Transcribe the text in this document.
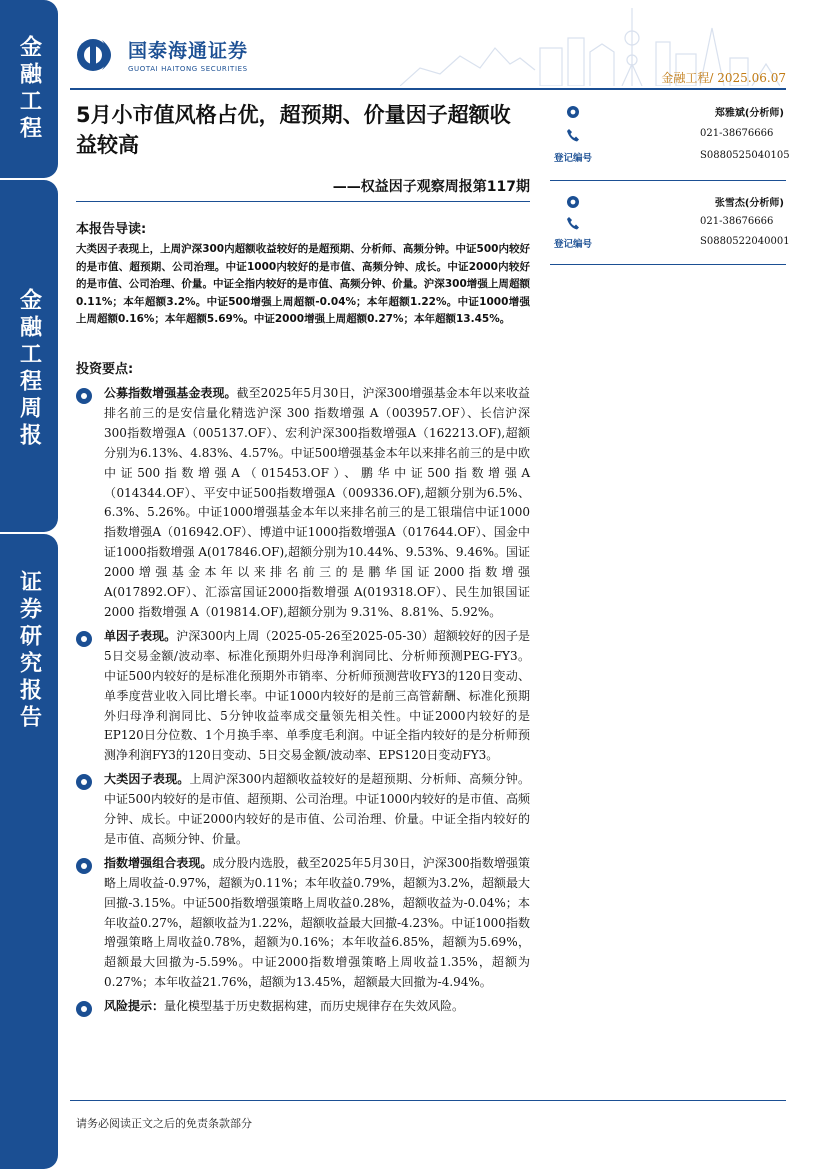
金融工程
金融工程周报
证券研究报告
国泰海通证券
GUOTAI HAITONG SECURITIES
金融工程/ 2025.06.07
5月小市值风格占优，超预期、价量因子超额收益较高
——权益因子观察周报第117期
郑雅斌(分析师)
021-38676666
登记编号	S0880525040105
张雪杰(分析师)
021-38676666
登记编号	S0880522040001
本报告导读:
大类因子表现上，上周沪深300内超额收益较好的是超预期、分析师、高频分钟。中证500内较好的是市值、超预期、公司治理。中证1000内较好的是市值、高频分钟、成长。中证2000内较好的是市值、公司治理、价量。中证全指内较好的是市值、高频分钟、价量。沪深300增强上周超额0.11%；本年超额3.2%。中证500增强上周超额-0.04%；本年超额1.22%。中证1000增强上周超额0.16%；本年超额5.69%。中证2000增强上周超额0.27%；本年超额13.45%。
投资要点:
公募指数增强基金表现。截至2025年5月30日，沪深300增强基金本年以来收益排名前三的是安信量化精选沪深 300 指数增强 A（003957.OF）、长信沪深300指数增强A（005137.OF）、宏利沪深300指数增强A（162213.OF),超额分别为6.13%、4.83%、4.57%。中证500增强基金本年以来排名前三的是中欧中证500指数增强A（015453.OF）、鹏华中证500指数增强A（014344.OF）、平安中证500指数增强A（009336.OF),超额分别为6.5%、6.3%、5.26%。中证1000增强基金本年以来排名前三的是工银瑞信中证1000指数增强A（016942.OF）、博道中证1000指数增强A（017644.OF）、国金中证1000指数增强 A(017846.OF),超额分别为10.44%、9.53%、9.46%。国证2000增强基金本年以来排名前三的是鹏华国证2000指数增强 A(017892.OF）、汇添富国证2000指数增强 A(019318.OF）、民生加银国证 2000 指数增强 A（019814.OF),超额分别为 9.31%、8.81%、5.92%。
单因子表现。沪深300内上周（2025-05-26至2025-05-30）超额较好的因子是5日交易金额/波动率、标准化预期外归母净利润同比、分析师预测PEG-FY3。中证500内较好的是标准化预期外市销率、分析师预测营收FY3的120日变动、单季度营业收入同比增长率。中证1000内较好的是前三高管薪酬、标准化预期外归母净利润同比、5分钟收益率成交量领先相关性。中证2000内较好的是EP120日分位数、1个月换手率、单季度毛利润。中证全指内较好的是分析师预测净利润FY3的120日变动、5日交易金额/波动率、EPS120日变动FY3。
大类因子表现。上周沪深300内超额收益较好的是超预期、分析师、高频分钟。中证500内较好的是市值、超预期、公司治理。中证1000内较好的是市值、高频分钟、成长。中证2000内较好的是市值、公司治理、价量。中证全指内较好的是市值、高频分钟、价量。
指数增强组合表现。成分股内选股，截至2025年5月30日，沪深300指数增强策略上周收益-0.97%，超额为0.11%；本年收益0.79%，超额为3.2%，超额最大回撤-3.15%。中证500指数增强策略上周收益0.28%，超额收益为-0.04%；本年收益0.27%，超额收益为1.22%，超额收益最大回撤-4.23%。中证1000指数增强策略上周收益0.78%，超额为0.16%；本年收益6.85%，超额为5.69%，超额最大回撤为-5.59%。中证2000指数增强策略上周收益1.35%，超额为0.27%；本年收益21.76%，超额为13.45%，超额最大回撤为-4.94%。
风险提示：量化模型基于历史数据构建，而历史规律存在失效风险。
请务必阅读正文之后的免责条款部分
